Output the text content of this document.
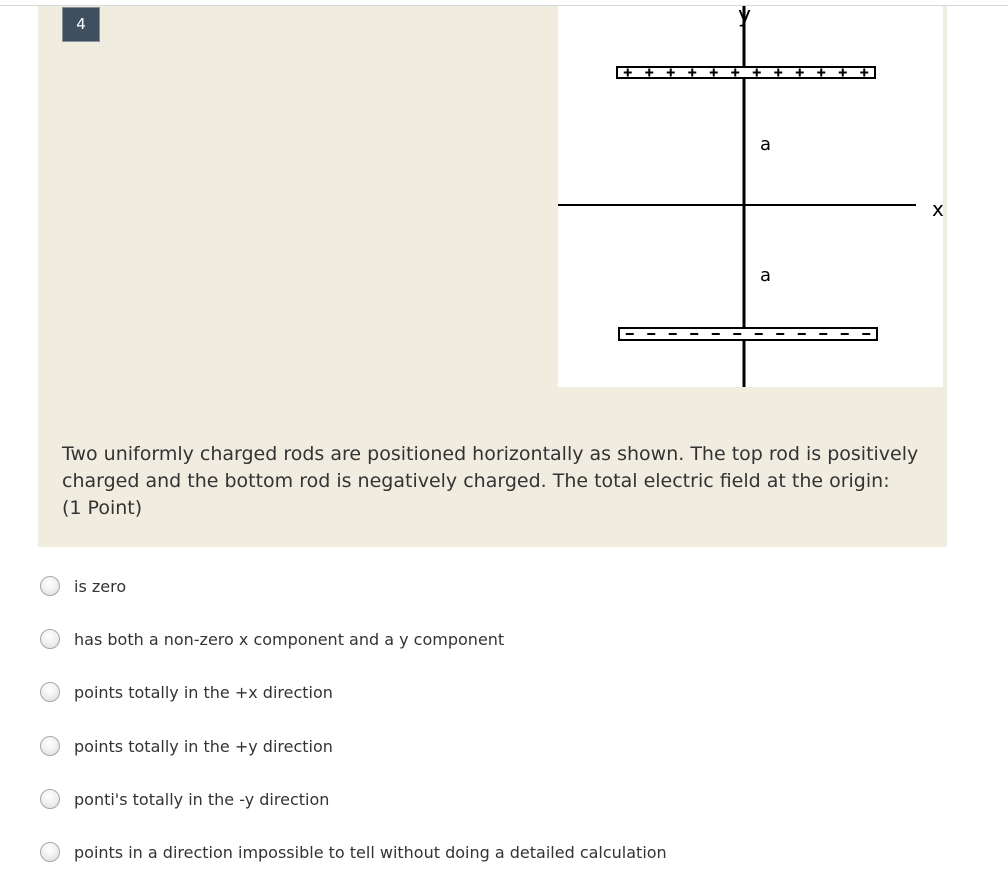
4	y
x
a
a
Two uniformly charged rods are positioned horizontally as shown. The top rod is positively charged and the bottom rod is negatively charged. The total electric field at the origin:
(1 Point)
is zero
has both a non-zero x component and a y component
points totally in the +x direction
points totally in the +y direction
ponti's totally in the -y direction
points in a direction impossible to tell without doing a detailed calculation
